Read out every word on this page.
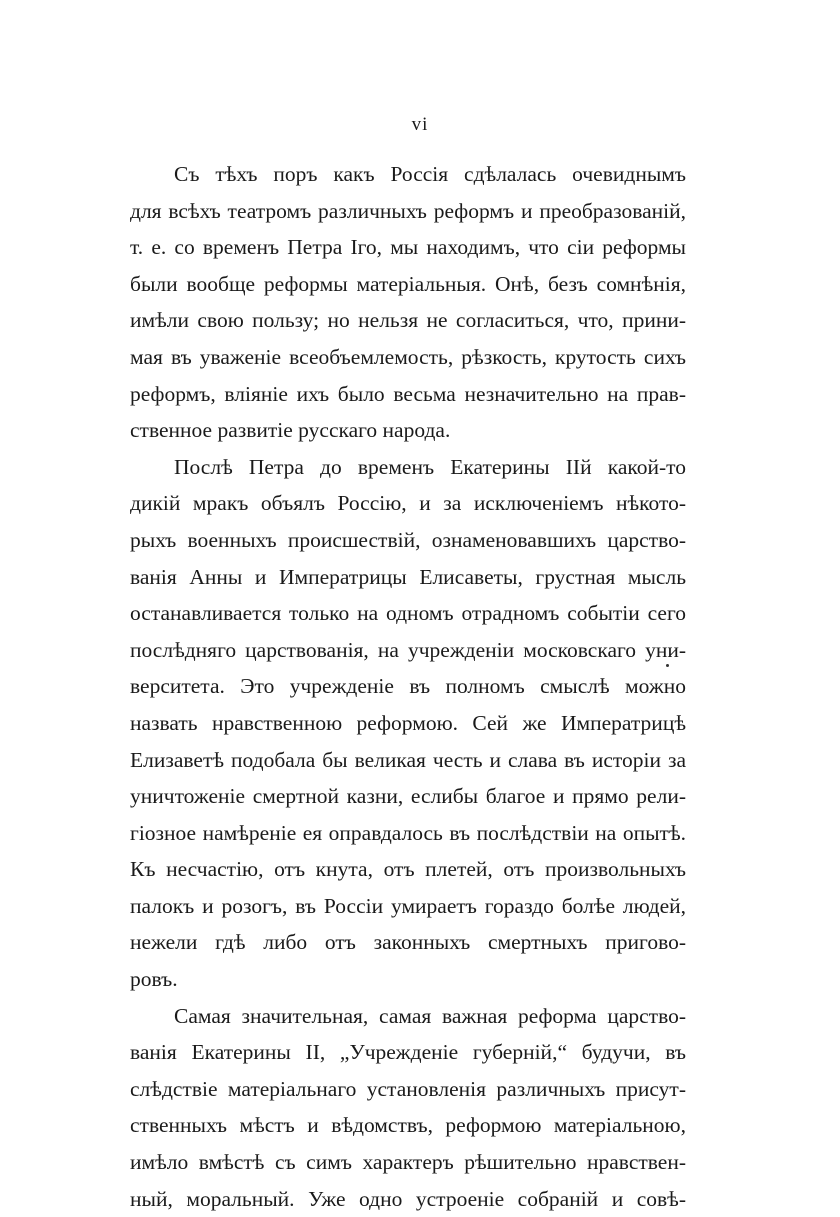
vi
Съ тѣхъ поръ какъ Россія сдѣлалась очевиднымъ
для всѣхъ театромъ различныхъ реформъ и преобразованій,
т. е. со временъ Петра Iго, мы находимъ, что сіи реформы
были вообще реформы матеріальныя. Онѣ, безъ сомнѣнія,
имѣли свою пользу; но нельзя не согласиться, что, прини-
мая въ уваженіе всеобъемлемость, рѣзкость, крутость сихъ
реформъ, вліяніе ихъ было весьма незначительно на прав-
ственное развитіе русскаго народа.
Послѣ Петра до временъ Екатерины IIй какой-то
дикій мракъ объялъ Россію, и за исключеніемъ нѣкото-
рыхъ военныхъ происшествій, ознаменовавшихъ царство-
ванія Анны и Императрицы Елисаветы, грустная мысль
останавливается только на одномъ отрадномъ событіи сего
послѣдняго царствованія, на учрежденіи московскаго уни-
верситета. Это учрежденіе въ полномъ смыслѣ можно
назвать нравственною реформою. Сей же Императрицѣ
Елизаветѣ подобала бы великая честь и слава въ исторіи за
уничтоженіе смертной казни, еслибы благое и прямо рели-
гіозное намѣреніе ея оправдалось въ послѣдствіи на опытѣ.
Къ несчастію, отъ кнута, отъ плетей, отъ произвольныхъ
палокъ и розогъ, въ Россіи умираетъ гораздо болѣе людей,
нежели гдѣ либо отъ законныхъ смертныхъ пригово-
ровъ.
Самая значительная, самая важная реформа царство-
ванія Екатерины II, „Учрежденіе губерній,“ будучи, въ
слѣдствіе матеріальнаго установленія различныхъ присут-
ственныхъ мѣстъ и вѣдомствъ, реформою матеріальною,
имѣло вмѣстѣ съ симъ характеръ рѣшительно нравствен-
ный, моральный. Уже одно устроеніе собраній и совѣ-
